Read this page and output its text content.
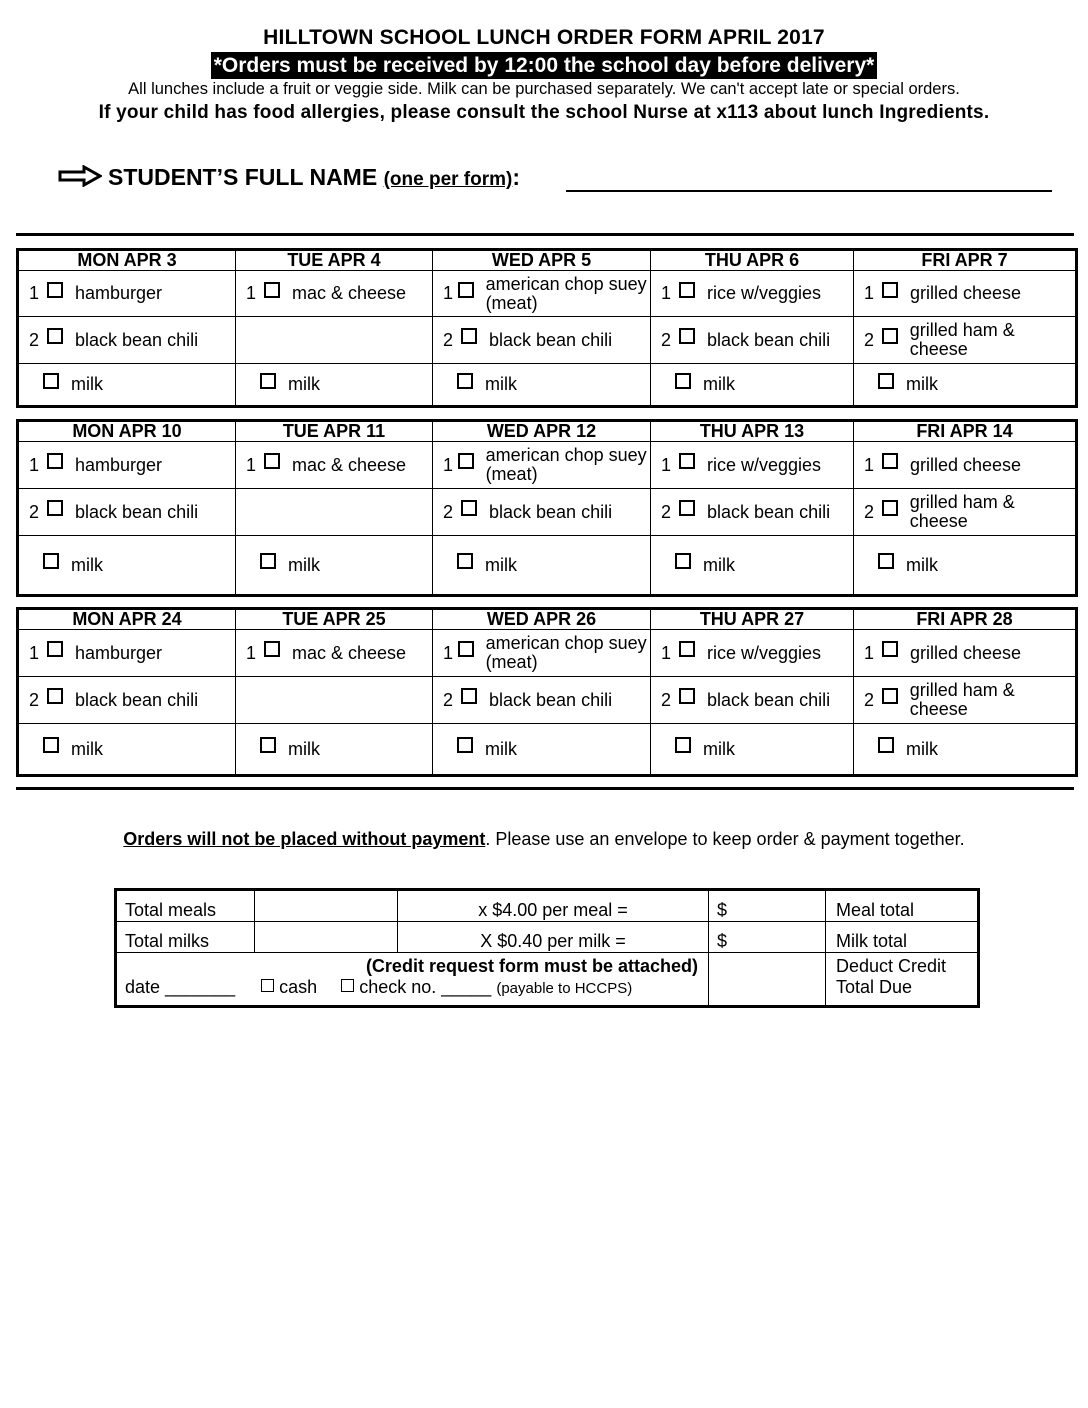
HILLTOWN SCHOOL LUNCH ORDER FORM APRIL 2017
*Orders must be received by 12:00 the school day before delivery*
All lunches include a fruit or veggie side. Milk can be purchased separately. We can't accept late or special orders.
If your child has food allergies, please consult the school Nurse at x113 about lunch Ingredients.
STUDENT’S FULL NAME (one per form):
MON APR 3	TUE APR 4	WED APR 5	THU APR 6	FRI APR 7

1 hamburger	1 mac & cheese	1 american chop suey (meat)	1 rice w/veggies	1 grilled cheese

2 black bean chili		2 black bean chili	2 black bean chili	2 grilled ham & cheese

milk	milk	milk	milk	milk
MON APR 10	TUE APR 11	WED APR 12	THU APR 13	FRI APR 14

1 hamburger	1 mac & cheese	1 american chop suey (meat)	1 rice w/veggies	1 grilled cheese

2 black bean chili		2 black bean chili	2 black bean chili	2 grilled ham & cheese

milk	milk	milk	milk	milk
MON APR 24	TUE APR 25	WED APR 26	THU APR 27	FRI APR 28

1 hamburger	1 mac & cheese	1 american chop suey (meat)	1 rice w/veggies	1 grilled cheese

2 black bean chili		2 black bean chili	2 black bean chili	2 grilled ham & cheese

milk	milk	milk	milk	milk
Orders will not be placed without payment. Please use an envelope to keep order & payment together.
Total meals		x $4.00 per meal =	$	Meal total
Total milks		X $0.40 per milk =	$	Milk total
(Credit request form must be attached)				Deduct Credit
date _______ cash check no. _____ (payable to HCCPS)				Total Due
